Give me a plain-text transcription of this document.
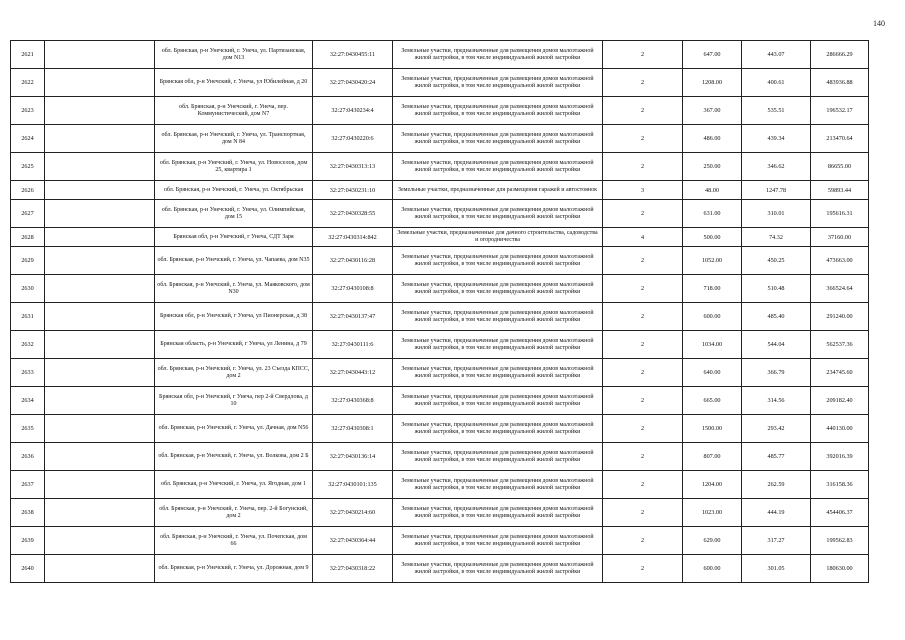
140
2621		обл. Брянская, р-н Унечский, г. Унеча, ул. Партизанская, дом N13	32:27:0430455:11	Земельные участки, предназначенные для размещения домов малоэтажной жилой застройки, в том числе индивидуальной жилой застройки	2	647.00	443.07	286666.29
2622		Брянская обл, р-н Унечский, г. Унеча, ул Юбилейная, д 20	32:27:0430420:24	Земельные участки, предназначенные для размещения домов малоэтажной жилой застройки, в том числе индивидуальной жилой застройки	2	1208.00	400.61	483936.88
2623		обл. Брянская, р-н Унечский, г. Унеча, пер. Коммунистический, дом N7	32:27:0430234:4	Земельные участки, предназначенные для размещения домов малоэтажной жилой застройки, в том числе индивидуальной жилой застройки	2	367.00	535.51	196532.17
2624		обл. Брянская, р-н Унечский, г. Унеча, ул. Транспортная, дом N 84	32:27:0430220:6	Земельные участки, предназначенные для размещения домов малоэтажной жилой застройки, в том числе индивидуальной жилой застройки	2	486.00	439.34	213470.64
2625		обл. Брянская, р-н Унечский, г. Унеча, ул. Новоселов, дом 25, квартира 1	32:27:0430313:13	Земельные участки, предназначенные для размещения домов малоэтажной жилой застройки, в том числе индивидуальной жилой застройки	2	250.00	346.62	86655.00
2626		обл. Брянская, р-н Унечский, г. Унеча, ул. Октябрьская	32:27:0430231:10	Земельные участки, предназначенные для размещения гаражей и автостоянок	3	48.00	1247.78	59893.44
2627		обл. Брянская, р-н Унечский, г. Унеча, ул. Олимпийская, дом 15	32:27:0430328:55	Земельные участки, предназначенные для размещения домов малоэтажной жилой застройки, в том числе индивидуальной жилой застройки	2	631.00	310.01	195616.31
2628		Брянская обл, р-н Унечский, г Унеча, СДТ Заря	32:27:0430314:842	Земельные участки, предназначенные для дачного строительства, садоводства и огородничества	4	500.00	74.32	37160.00
2629		обл. Брянская, р-н Унечский, г. Унеча, ул. Чапаева, дом N35	32:27:0430116:28	Земельные участки, предназначенные для размещения домов малоэтажной жилой застройки, в том числе индивидуальной жилой застройки	2	1052.00	450.25	473663.00
2630		обл. Брянская, р-н Унечский, г. Унеча, ул. Маяковского, дом N30	32:27:0430108:8	Земельные участки, предназначенные для размещения домов малоэтажной жилой застройки, в том числе индивидуальной жилой застройки	2	718.00	510.48	366524.64
2631		Брянская обл, р-н Унечский, г Унеча, ул Пионерская, д 38	32:27:0430137:47	Земельные участки, предназначенные для размещения домов малоэтажной жилой застройки, в том числе индивидуальной жилой застройки	2	600.00	485.40	291240.00
2632		Брянская область, р-н Унечский, г Унеча, ул Ленина, д 79	32:27:0430111:6	Земельные участки, предназначенные для размещения домов малоэтажной жилой застройки, в том числе индивидуальной жилой застройки	2	1034.00	544.04	562537.36
2633		обл. Брянская, р-н Унечский, г. Унеча, ул. 23 Съезда КПСС, дом 2	32:27:0430443:12	Земельные участки, предназначенные для размещения домов малоэтажной жилой застройки, в том числе индивидуальной жилой застройки	2	640.00	366.79	234745.60
2634		Брянская обл, р-н Унечский, г Унеча, пер 2-й Свердлова, д 10	32:27:0430368:8	Земельные участки, предназначенные для размещения домов малоэтажной жилой застройки, в том числе индивидуальной жилой застройки	2	665.00	314.56	209182.40
2635		обл. Брянская, р-н Унечский, г. Унеча, ул. Дачная, дом N56	32:27:0430308:1	Земельные участки, предназначенные для размещения домов малоэтажной жилой застройки, в том числе индивидуальной жилой застройки	2	1500.00	293.42	440130.00
2636		обл. Брянская, р-н Унечский, г. Унеча, ул. Волкова, дом 2 Б	32:27:0430136:14	Земельные участки, предназначенные для размещения домов малоэтажной жилой застройки, в том числе индивидуальной жилой застройки	2	807.00	485.77	392016.39
2637		обл. Брянская, р-н Унечский, г. Унеча, ул. Ягодная, дом 1	32:27:0430101:135	Земельные участки, предназначенные для размещения домов малоэтажной жилой застройки, в том числе индивидуальной жилой застройки	2	1204.00	262.59	316158.36
2638		обл. Брянская, р-н Унечский, г. Унеча, пер. 2-й Богунский, дом 2	32:27:0430214:60	Земельные участки, предназначенные для размещения домов малоэтажной жилой застройки, в том числе индивидуальной жилой застройки	2	1023.00	444.19	454406.37
2639		обл. Брянская, р-н Унечский, г. Унеча, ул. Почепская, дом 66	32:27:0430364:44	Земельные участки, предназначенные для размещения домов малоэтажной жилой застройки, в том числе индивидуальной жилой застройки	2	629.00	317.27	199562.83
2640		обл. Брянская, р-н Унечский, г. Унеча, ул. Дорожная, дом 9	32:27:0430318:22	Земельные участки, предназначенные для размещения домов малоэтажной жилой застройки, в том числе индивидуальной жилой застройки	2	600.00	301.05	180630.00
